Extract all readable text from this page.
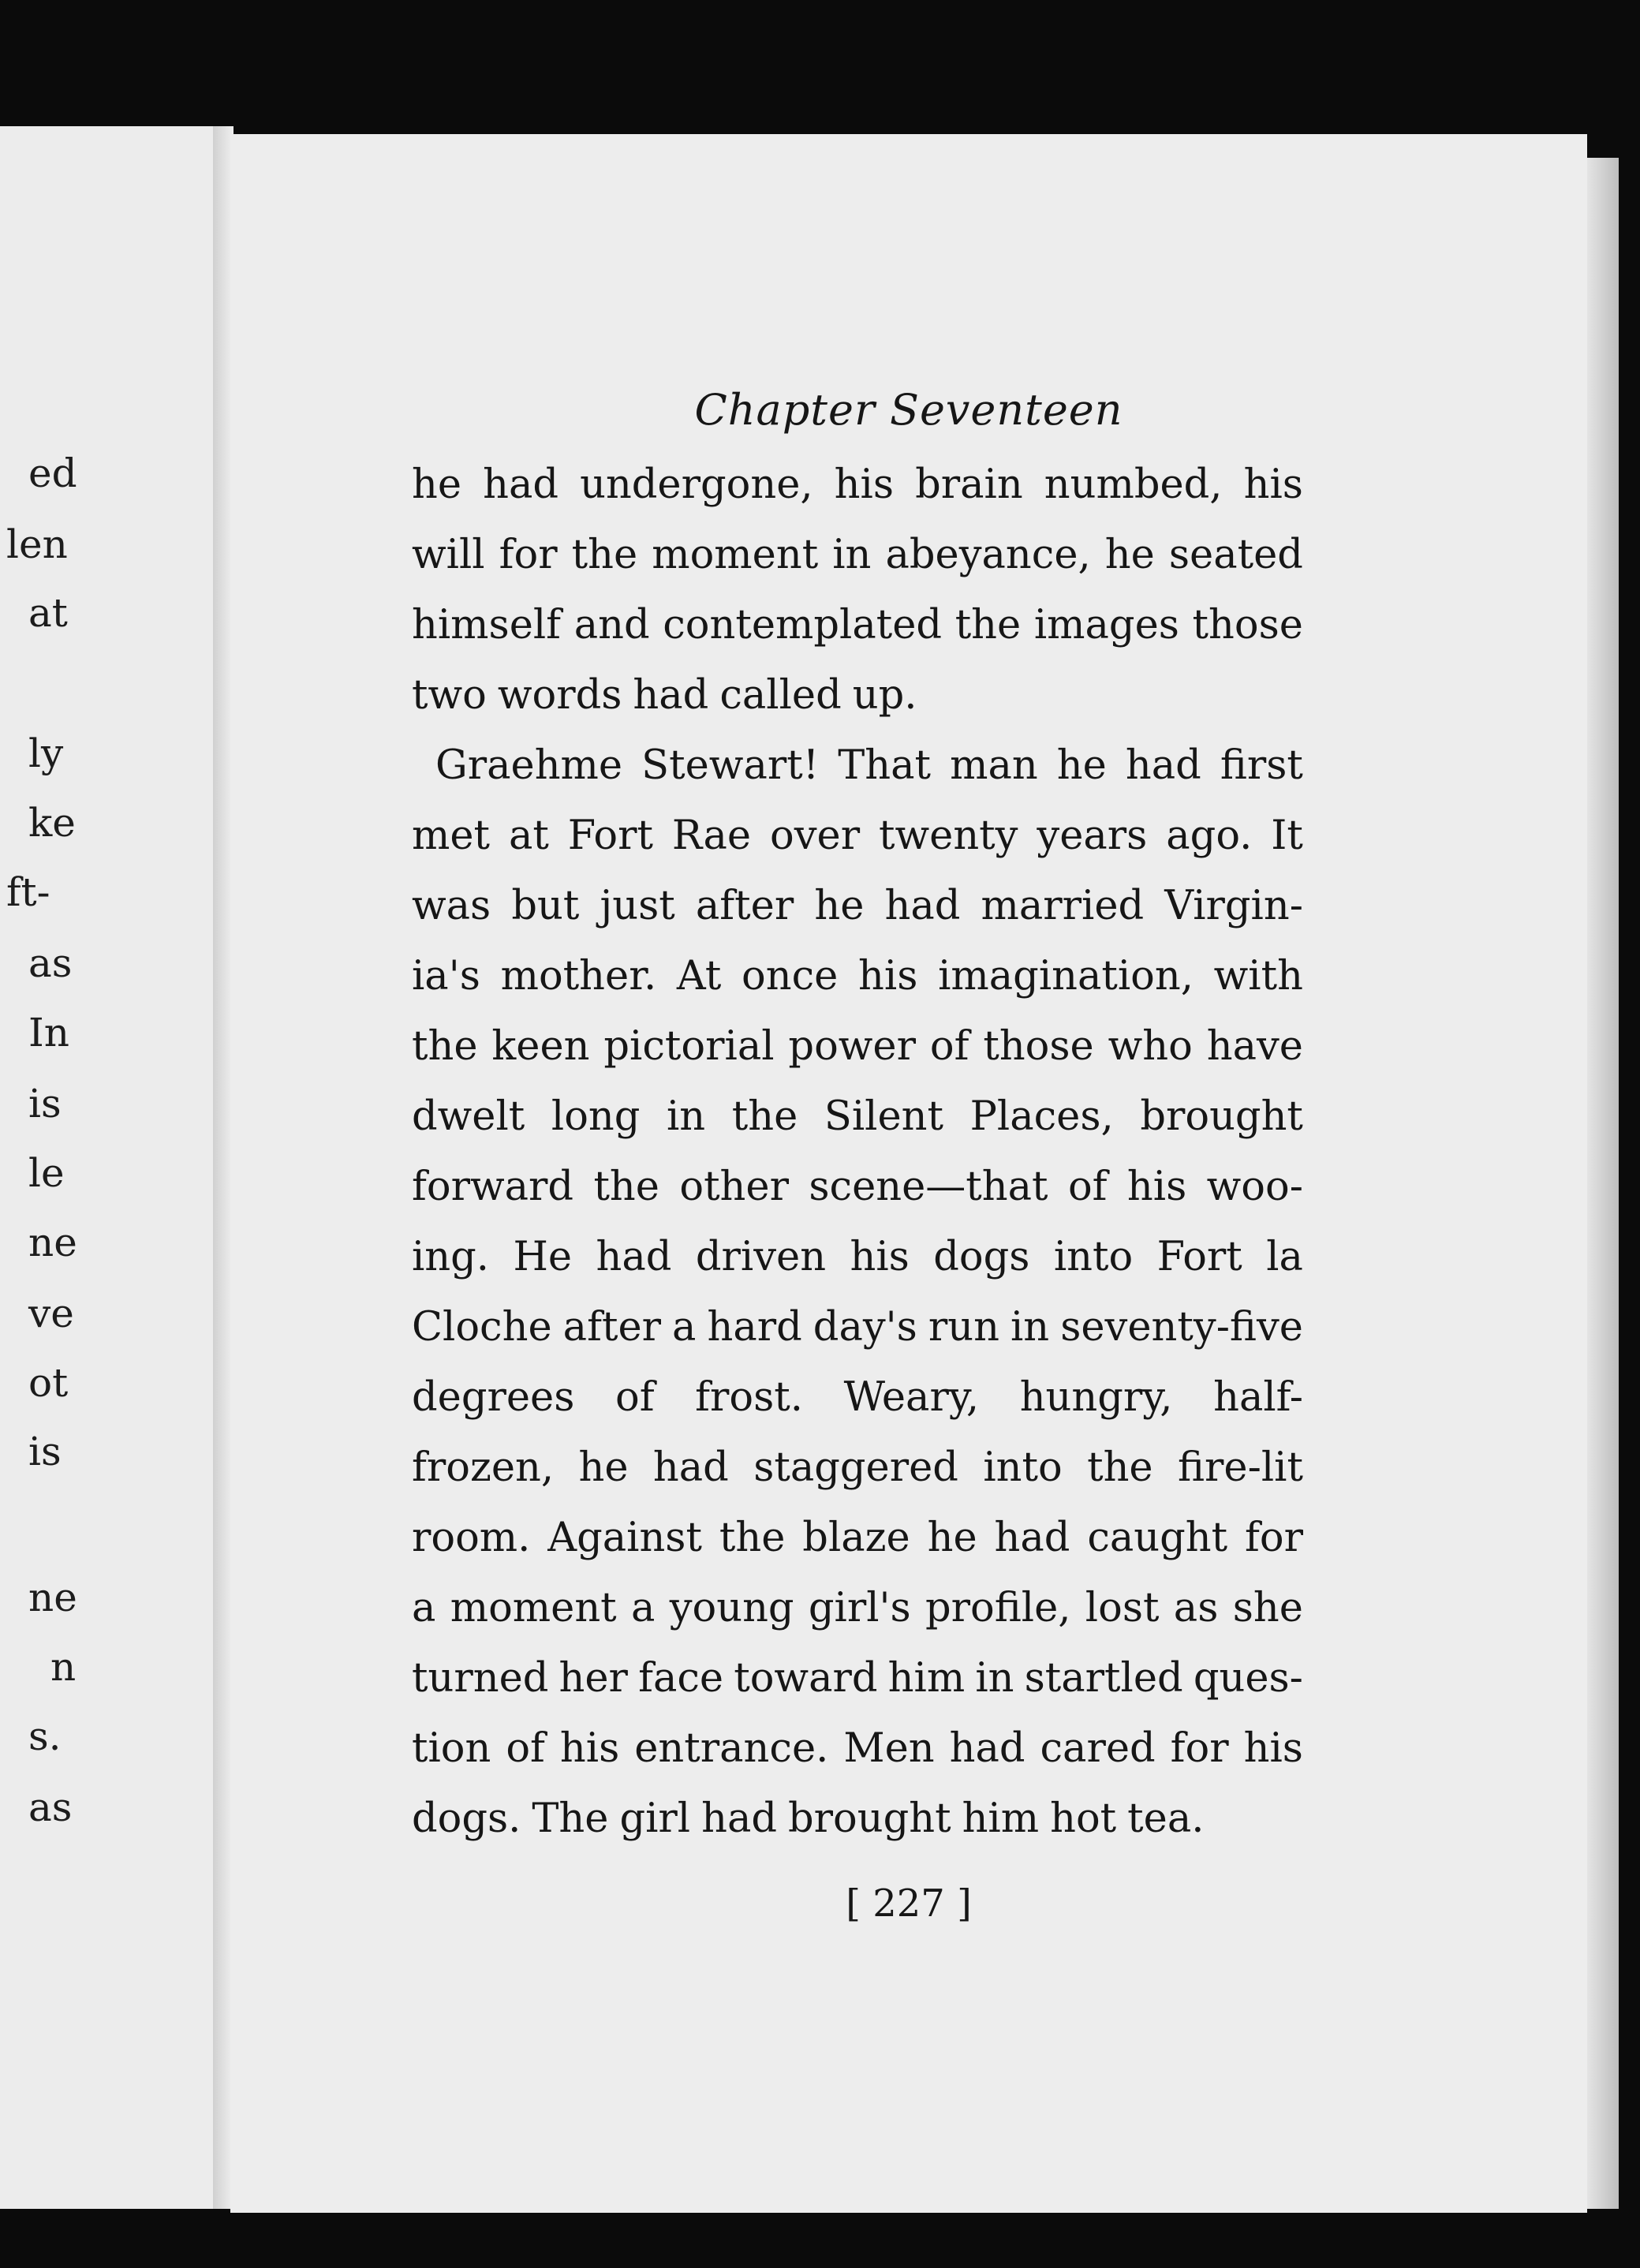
ed
len
at
ly
ke
ft-
as
In
is
le
ne
ve
ot
is
ne
n
s.
as
Chapter Seventeen
he had undergone, his brain numbed, his
will for the moment in abeyance, he seated
himself and contemplated the images those
two words had called up.
Graehme Stewart! That man he had first
met at Fort Rae over twenty years ago. It
was but just after he had married Virgin-
ia's mother. At once his imagination, with
the keen pictorial power of those who have
dwelt long in the Silent Places, brought
forward the other scene—that of his woo-
ing. He had driven his dogs into Fort la
Cloche after a hard day's run in seventy-five
degrees of frost. Weary, hungry, half-
frozen, he had staggered into the fire-lit
room. Against the blaze he had caught for
a moment a young girl's profile, lost as she
turned her face toward him in startled ques-
tion of his entrance. Men had cared for his
dogs. The girl had brought him hot tea.
[ 227 ]
